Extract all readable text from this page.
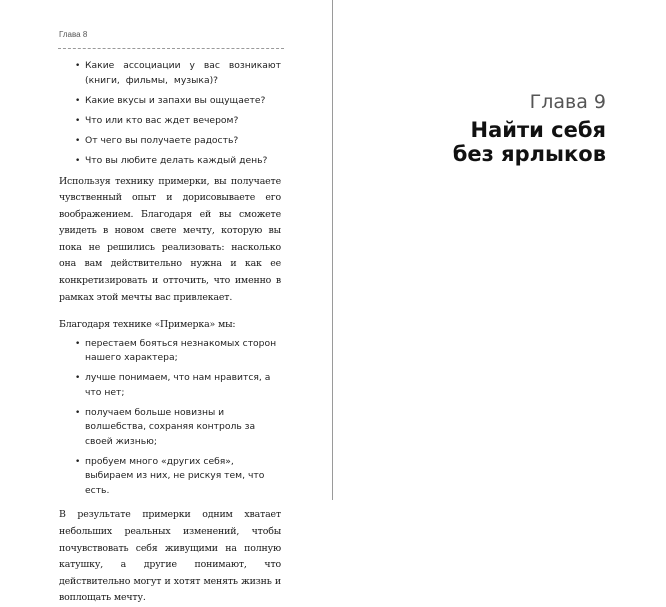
Глава 8
• Какие ассоциации у вас возникают (книги, фильмы, музыка)?
• Какие вкусы и запахи вы ощущаете?
• Что или кто вас ждет вечером?
• От чего вы получаете радость?
• Что вы любите делать каждый день?

Используя технику примерки, вы получаете чувственный опыт и дорисовываете его воображением. Благодаря ей вы сможете увидеть в новом свете мечту, которую вы пока не решились реализовать: насколько она вам действительно нужна и как ее конкретизировать и отточить, что именно в рамках этой мечты вас привлекает.

Благодаря технике «Примерка» мы:

• перестаем бояться незнакомых сторон нашего характера;
• лучше понимаем, что нам нравится, а что нет;
• получаем больше новизны и волшебства, сохраняя контроль за своей жизнью;
• пробуем много «других себя», выбираем из них, не рискуя тем, что есть.

В результате примерки одним хватает небольших реальных изменений, чтобы почувствовать себя живущими на полную катушку, а другие понимают, что действительно могут и хотят менять жизнь и воплощать мечту.

Глава 9
Найти себя
без ярлыков
